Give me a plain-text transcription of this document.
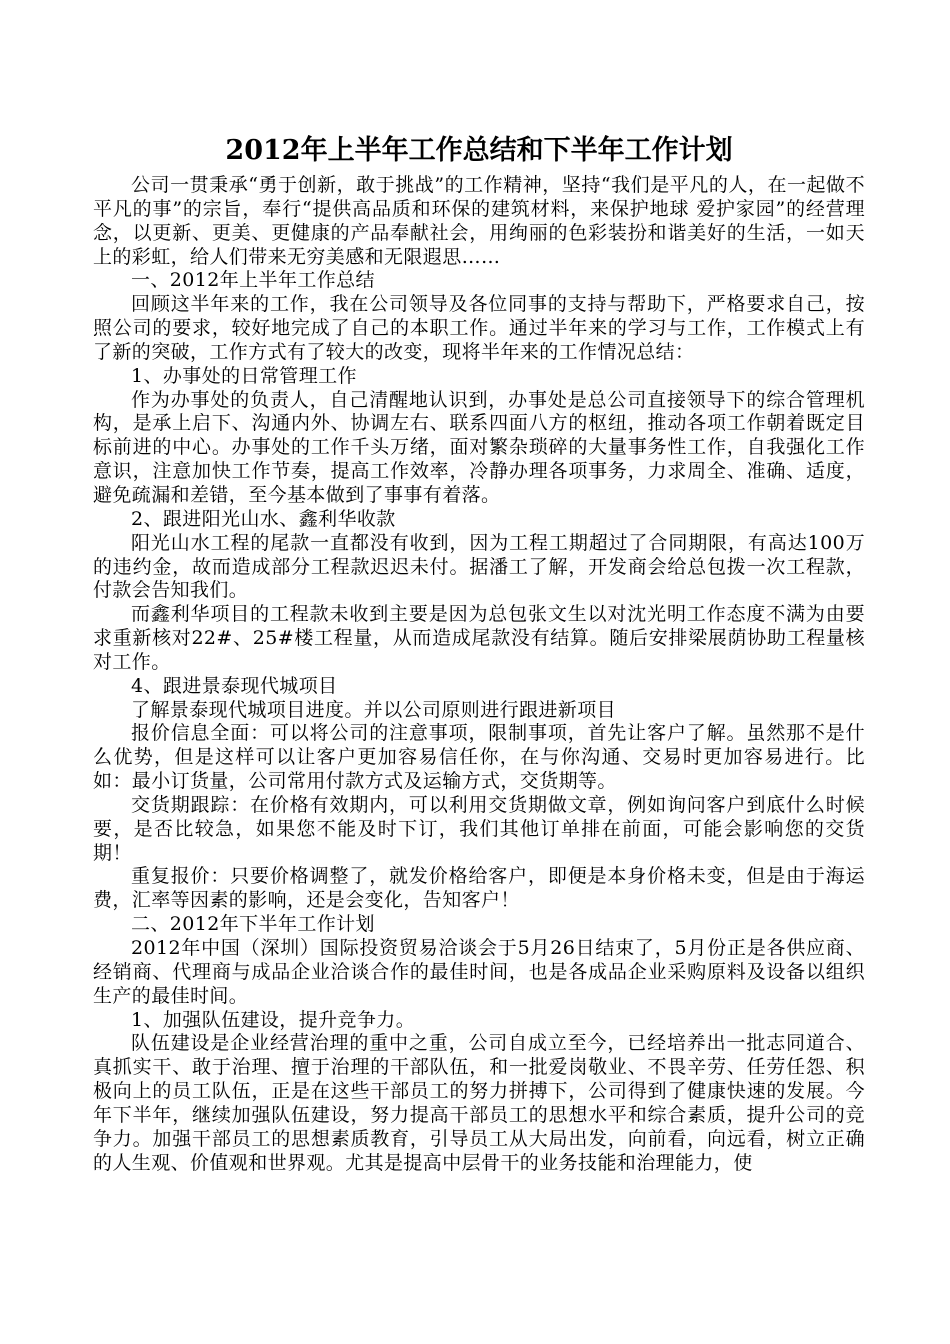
2012年上半年工作总结和下半年工作计划

公司一贯秉承“勇于创新，敢于挑战”的工作精神，坚持“我们是平凡的人，在一起做不平凡的事”的宗旨，奉行“提供高品质和环保的建筑材料，来保护地球 爱护家园”的经营理念，以更新、更美、更健康的产品奉献社会，用绚丽的色彩装扮和谐美好的生活，一如天上的彩虹，给人们带来无穷美感和无限遐思……

一、2012年上半年工作总结

回顾这半年来的工作，我在公司领导及各位同事的支持与帮助下，严格要求自己，按照公司的要求，较好地完成了自己的本职工作。通过半年来的学习与工作，工作模式上有了新的突破，工作方式有了较大的改变，现将半年来的工作情况总结：

1、办事处的日常管理工作

作为办事处的负责人，自己清醒地认识到，办事处是总公司直接领导下的综合管理机构，是承上启下、沟通内外、协调左右、联系四面八方的枢纽，推动各项工作朝着既定目标前进的中心。办事处的工作千头万绪，面对繁杂琐碎的大量事务性工作，自我强化工作意识，注意加快工作节奏，提高工作效率，冷静办理各项事务，力求周全、准确、适度，避免疏漏和差错，至今基本做到了事事有着落。

2、跟进阳光山水、鑫利华收款

阳光山水工程的尾款一直都没有收到，因为工程工期超过了合同期限，有高达100万的违约金，故而造成部分工程款迟迟未付。据潘工了解，开发商会给总包拨一次工程款，付款会告知我们。

而鑫利华项目的工程款未收到主要是因为总包张文生以对沈光明工作态度不满为由要求重新核对22#、25#楼工程量，从而造成尾款没有结算。随后安排梁展荫协助工程量核对工作。

4、跟进景泰现代城项目

了解景泰现代城项目进度。并以公司原则进行跟进新项目

报价信息全面：可以将公司的注意事项，限制事项，首先让客户了解。虽然那不是什么优势，但是这样可以让客户更加容易信任你，在与你沟通、交易时更加容易进行。比如：最小订货量，公司常用付款方式及运输方式，交货期等。

交货期跟踪：在价格有效期内，可以利用交货期做文章，例如询问客户到底什么时候要，是否比较急，如果您不能及时下订，我们其他订单排在前面，可能会影响您的交货期！

重复报价：只要价格调整了，就发价格给客户，即便是本身价格未变，但是由于海运费，汇率等因素的影响，还是会变化，告知客户！

二、2012年下半年工作计划

2012年中国（深圳）国际投资贸易洽谈会于5月26日结束了，5月份正是各供应商、经销商、代理商与成品企业洽谈合作的最佳时间，也是各成品企业采购原料及设备以组织生产的最佳时间。

1、加强队伍建设，提升竞争力。

队伍建设是企业经营治理的重中之重，公司自成立至今，已经培养出一批志同道合、真抓实干、敢于治理、擅于治理的干部队伍，和一批爱岗敬业、不畏辛劳、任劳任怨、积极向上的员工队伍，正是在这些干部员工的努力拼搏下，公司得到了健康快速的发展。今年下半年，继续加强队伍建设，努力提高干部员工的思想水平和综合素质，提升公司的竞争力。加强干部员工的思想素质教育，引导员工从大局出发，向前看，向远看，树立正确的人生观、价值观和世界观。尤其是提高中层骨干的业务技能和治理能力，使
